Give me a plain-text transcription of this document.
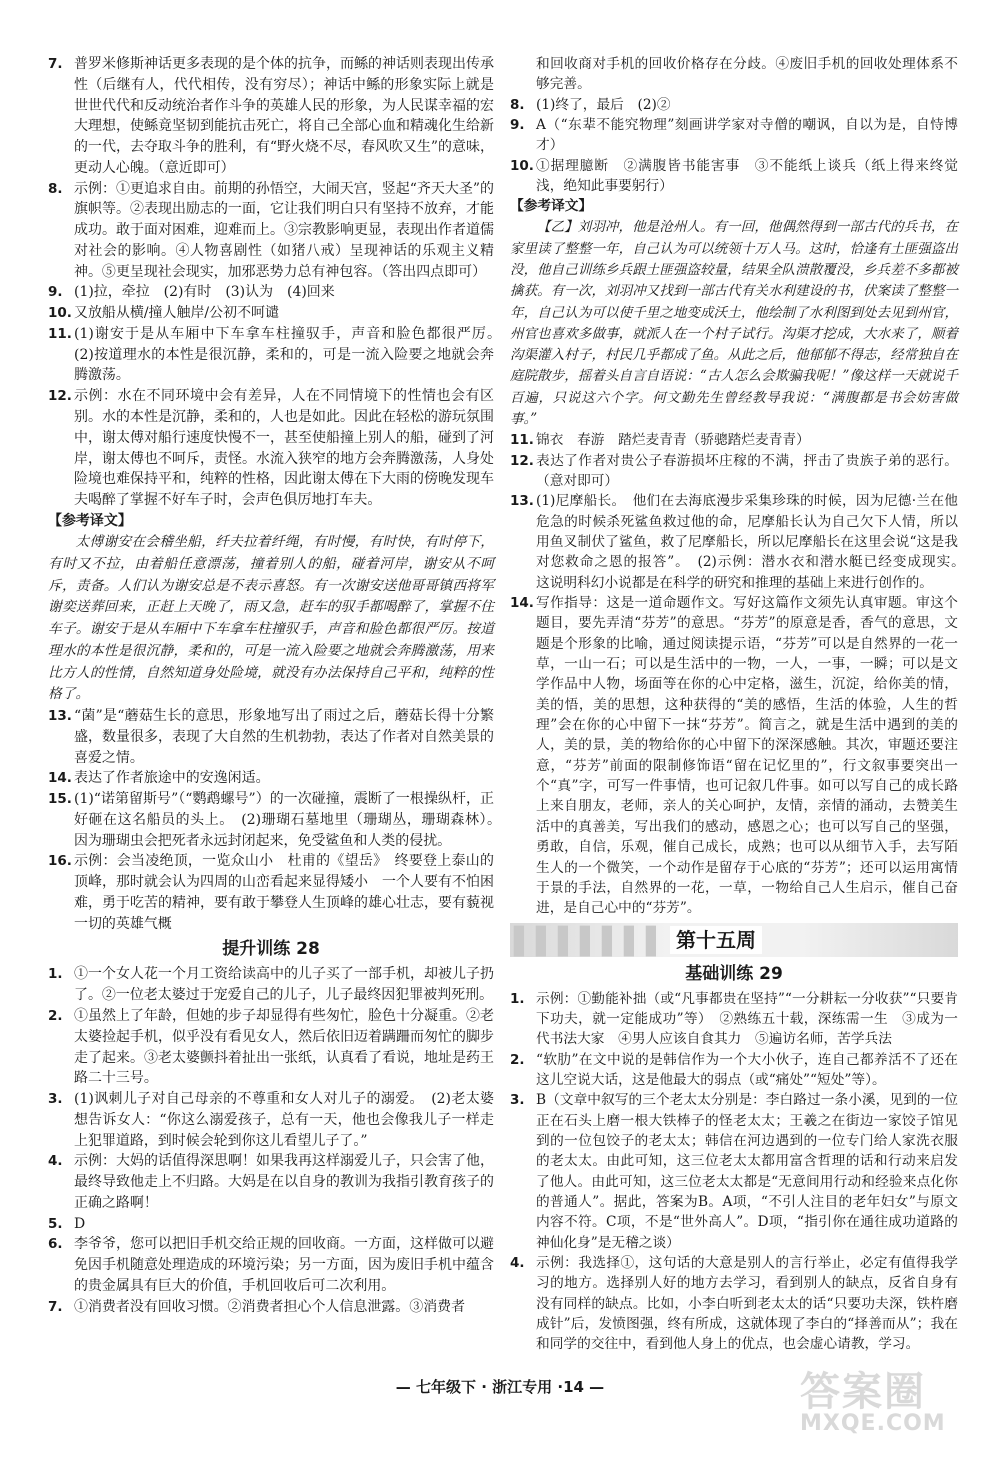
7. 普罗米修斯神话更多表现的是个体的抗争，而鲧的神话则表现出传承性（后继有人，代代相传，没有穷尽）；神话中鲧的形象实际上就是世世代代和反动统治者作斗争的英雄人民的形象，为人民谋幸福的宏大理想，使鲧竟坚韧到能抗击死亡，将自己全部心血和精魂化生给新的一代，去夺取斗争的胜利，有“野火烧不尽，春风吹又生”的意味，更动人心魄。（意近即可）
8. 示例：①更追求自由。前期的孙悟空，大闹天宫，竖起“齐天大圣”的旗帜等。②表现出励志的一面，它让我们明白只有坚持不放弃，才能成功。敢于面对困难，迎难而上。③宗教影响更显，表现出作者道儒对社会的影响。④人物喜剧性（如猪八戒）呈现神话的乐观主义精神。⑤更呈现社会现实，加邪恶势力总有神包容。（答出四点即可）
9. (1)拉，牵拉　(2)有时　(3)认为　(4)回来
10. 又放船从横/撞人触岸/公初不呵谴
11. (1)谢安于是从车厢中下车拿车柱撞驭手，声音和脸色都很严厉。　(2)按道理水的本性是很沉静，柔和的，可是一流入险要之地就会奔腾激荡。
12. 示例：水在不同环境中会有差异，人在不同情境下的性情也会有区别。水的本性是沉静，柔和的，人也是如此。因此在轻松的游玩氛围中，谢太傅对船行速度快慢不一，甚至使船撞上别人的船，碰到了河岸，谢太傅也不呵斥，责怪。水流入狭窄的地方会奔腾激荡，人身处险境也难保持平和，纯粹的性格，因此谢太傅在下大雨的傍晚发现车夫喝醉了掌握不好车子时，会声色俱厉地打车夫。
【参考译文】
太傅谢安在会稽坐船，纤夫拉着纤绳，有时慢，有时快，有时停下，有时又不拉，由着船任意漂荡，撞着别人的船，碰着河岸，谢安从不呵斥，责备。人们认为谢安总是不表示喜怒。有一次谢安送他哥哥镇西将军谢奕送葬回来，正赶上天晚了，雨又急，赶车的驭手都喝醉了，掌握不住车子。谢安于是从车厢中下车拿车柱撞驭手，声音和脸色都很严厉。按道理水的本性是很沉静，柔和的，可是一流入险要之地就会奔腾激荡，用来比方人的性情，自然知道身处险境，就没有办法保持自己平和，纯粹的性格了。
13. “菌”是“蘑菇生长的意思，形象地写出了雨过之后，蘑菇长得十分繁盛，数量很多，表现了大自然的生机勃勃，表达了作者对自然美景的喜爱之情。
14. 表达了作者旅途中的安逸闲适。
15. (1)“诺第留斯号”（“鹦鹉螺号”）的一次碰撞，震断了一根操纵杆，正好砸在这名船员的头上。　(2)珊瑚石墓地里（珊瑚丛，珊瑚森林）。　因为珊瑚虫会把死者永远封闭起来，免受鲨鱼和人类的侵扰。
16. 示例：会当凌绝顶，一览众山小　杜甫的《望岳》　终要登上泰山的顶峰，那时就会认为四周的山峦看起来显得矮小　一个人要有不怕困难，勇于吃苦的精神，要有敢于攀登人生顶峰的雄心壮志，要有藐视一切的英雄气概
提升训练 28
1. ①一个女人花一个月工资给读高中的儿子买了一部手机，却被儿子扔了。②一位老太婆过于宠爱自己的儿子，儿子最终因犯罪被判死刑。
2. ①虽然上了年龄，但她的步子却显得有些匆忙，脸色十分凝重。②老太婆捡起手机，似乎没有看见女人，然后依旧迈着蹒跚而匆忙的脚步走了起来。③老太婆颤抖着扯出一张纸，认真看了看说，地址是药王路二十三号。
3. (1)讽刺儿子对自己母亲的不尊重和女人对儿子的溺爱。　(2)老太婆想告诉女人：“你这么溺爱孩子，总有一天，他也会像我儿子一样走上犯罪道路，到时候会轮到你这儿看望儿子了。”
4. 示例：大妈的话值得深思啊！如果我再这样溺爱儿子，只会害了他，最终导致他走上不归路。大妈是在以自身的教训为我指引教育孩子的正确之路啊！
5. D
6. 李爷爷，您可以把旧手机交给正规的回收商。一方面，这样做可以避免因手机随意处理造成的环境污染；另一方面，因为废旧手机中蕴含的贵金属具有巨大的价值，手机回收后可二次利用。
7. ①消费者没有回收习惯。②消费者担心个人信息泄露。③消费者
和回收商对手机的回收价格存在分歧。④废旧手机的回收处理体系不够完善。
8. (1)终了，最后　(2)②
9. A（“东辈不能究物理”刻画讲学家对寺僧的嘲讽，自以为是，自恃博才）
10. ①据理臆断　②满腹皆书能害事　③不能纸上谈兵（纸上得来终觉浅，绝知此事要躬行）
【参考译文】
【乙】刘羽冲，他是沧州人。有一回，他偶然得到一部古代的兵书，在家里读了整整一年，自己认为可以统领十万人马。这时，恰逢有土匪强盗出没，他自己训练乡兵跟土匪强盗较量，结果全队溃散覆没，乡兵差不多都被擒获。有一次，刘羽冲又找到一部古代有关水利建设的书，伏案读了整整一年，自己认为可以使千里之地变成沃土，他绘制了水利图到处去见到州官，州官也喜欢多做事，就派人在一个村子试行。沟渠才挖成，大水来了，顺着沟渠灌入村子，村民几乎都成了鱼。从此之后，他郁郁不得志，经常独自在庭院散步，摇着头自言自语说：“古人怎么会欺骗我呢！”像这样一天就说千百遍，只说这六个字。何文勤先生曾经教导我说：“满腹都是书会妨害做事。”
11. 锦衣　春游　踏烂麦青青（骄骢踏烂麦青青）
12. 表达了作者对贵公子春游损坏庄稼的不满，抨击了贵族子弟的恶行。（意对即可）
13. (1)尼摩船长。　他们在去海底漫步采集珍珠的时候，因为尼德·兰在他危急的时候杀死鲨鱼救过他的命，尼摩船长认为自己欠下人情，所以用鱼叉制伏了鲨鱼，救了尼摩船长，所以尼摩船长在这里会说“这是我对您救命之恩的报答”。　(2)示例：潜水衣和潜水艇已经变成现实。　这说明科幻小说都是在科学的研究和推理的基础上来进行创作的。
14. 写作指导：这是一道命题作文。写好这篇作文须先认真审题。审这个题目，要先弄清“芬芳”的意思。“芬芳”的原意是香，香气的意思，文题是个形象的比喻，通过阅读提示语，“芬芳”可以是自然界的一花一草，一山一石；可以是生活中的一物，一人，一事，一瞬；可以是文学作品中人物，场面等在你的心中定格，滋生，沉淀，给你美的情，美的悟，美的思想，这种获得的“美的感悟，生活的体验，人生的哲理”会在你的心中留下一抹“芬芳”。简言之，就是生活中遇到的美的人，美的景，美的物给你的心中留下的深深感触。其次，审题还要注意，“芬芳”前面的限制修饰语“留在记忆里的”，行文叙事要突出一个“真”字，可写一件事情，也可记叙几件事。如可以写自己的成长路上来自朋友，老师，亲人的关心呵护，友情，亲情的涌动，去赞美生活中的真善美，写出我们的感动，感恩之心；也可以写自己的坚强，勇敢，自信，乐观，催自己成长，成熟；也可以从细节入手，去写陌生人的一个微笑，一个动作是留存于心底的“芬芳”；还可以运用寓情于景的手法，自然界的一花，一草，一物给自己人生启示，催自己奋进，是自己心中的“芬芳”。
▌▌▌▌▌▌▌ 第十五周
基础训练 29
1. 示例：①勤能补拙（或“凡事都贵在坚持”“一分耕耘一分收获”“只要肯下功夫，就一定能成功”等）　②熟练五十载，深练需一生　③成为一代书法大家　④男人应该自食其力　⑤遍访名师，苦学兵法
2. “软肋”在文中说的是韩信作为一个大小伙子，连自己都养活不了还在这儿空说大话，这是他最大的弱点（或“痛处”“短处”等）。
3. B（文章中叙写的三个老太太分别是：李白路过一条小溪，见到的一位正在石头上磨一根大铁棒子的怪老太太；王羲之在街边一家饺子馆见到的一位包饺子的老太太；韩信在河边遇到的一位专门给人家洗衣服的老太太。由此可知，这三位老太太都用富含哲理的话和行动来启发了他人。由此可知，这三位老太太都是“无意间用行动和经验来点化你的普通人”。据此，答案为B。A项，“不引人注目的老年妇女”与原文内容不符。C项，不是“世外高人”。D项，“指引你在通往成功道路的神仙化身”是无稽之谈）
4. 示例：我选择①，这句话的大意是别人的言行举止，必定有值得我学习的地方。选择别人好的地方去学习，看到别人的缺点，反省自身有没有同样的缺点。比如，小李白听到老太太的话“只要功夫深，铁杵磨成针”后，发愤图强，终有所成，这就体现了李白的“择善而从”；我在和同学的交往中，看到他人身上的优点，也会虚心请教，学习。
— 七年级下 · 浙江专用 ·14 —	答案圈
MXQE.COM
